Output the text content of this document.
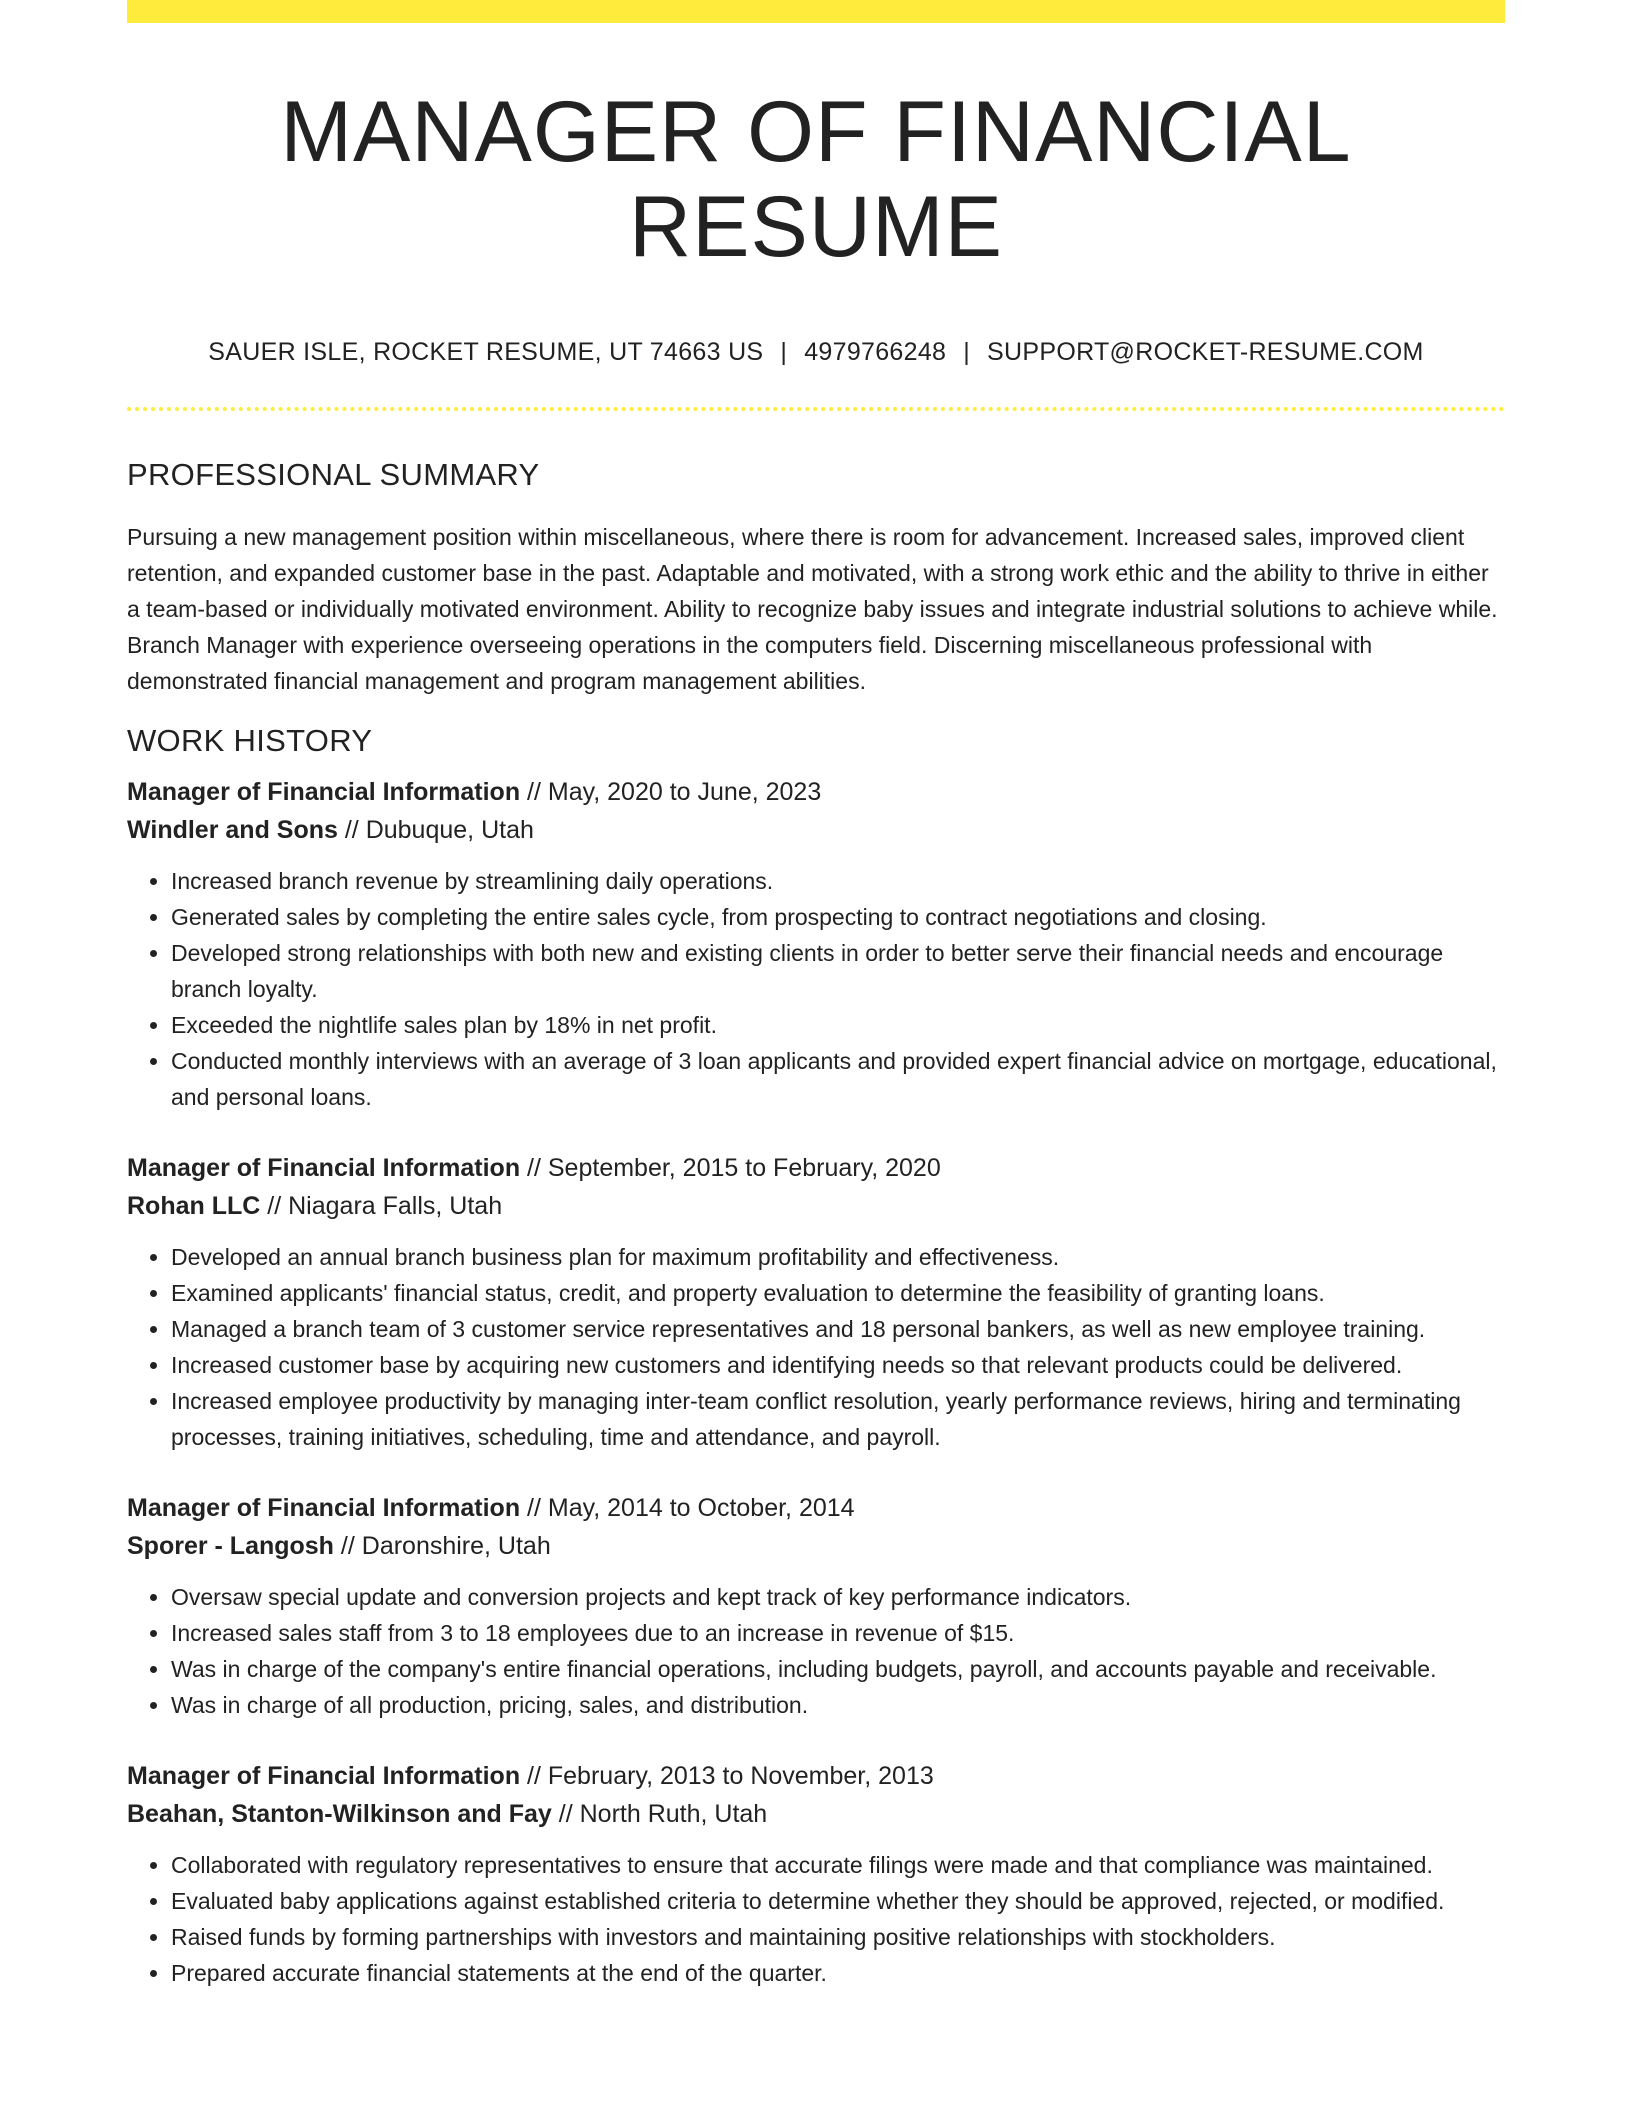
MANAGER OF FINANCIAL RESUME
SAUER ISLE, ROCKET RESUME, UT 74663 US | 4979766248 | SUPPORT@ROCKET-RESUME.COM
PROFESSIONAL SUMMARY

Pursuing a new management position within miscellaneous, where there is room for advancement. Increased sales, improved client retention, and expanded customer base in the past. Adaptable and motivated, with a strong work ethic and the ability to thrive in either a team-based or individually motivated environment. Ability to recognize baby issues and integrate industrial solutions to achieve while. Branch Manager with experience overseeing operations in the computers field. Discerning miscellaneous professional with demonstrated financial management and program management abilities.

WORK HISTORY
Manager of Financial Information // May, 2020 to June, 2023
Windler and Sons // Dubuque, Utah
• Increased branch revenue by streamlining daily operations.
• Generated sales by completing the entire sales cycle, from prospecting to contract negotiations and closing.
• Developed strong relationships with both new and existing clients in order to better serve their financial needs and encourage branch loyalty.
• Exceeded the nightlife sales plan by 18% in net profit.
• Conducted monthly interviews with an average of 3 loan applicants and provided expert financial advice on mortgage, educational, and personal loans.
Manager of Financial Information // September, 2015 to February, 2020
Rohan LLC // Niagara Falls, Utah
• Developed an annual branch business plan for maximum profitability and effectiveness.
• Examined applicants' financial status, credit, and property evaluation to determine the feasibility of granting loans.
• Managed a branch team of 3 customer service representatives and 18 personal bankers, as well as new employee training.
• Increased customer base by acquiring new customers and identifying needs so that relevant products could be delivered.
• Increased employee productivity by managing inter-team conflict resolution, yearly performance reviews, hiring and terminating processes, training initiatives, scheduling, time and attendance, and payroll.
Manager of Financial Information // May, 2014 to October, 2014
Sporer - Langosh // Daronshire, Utah
• Oversaw special update and conversion projects and kept track of key performance indicators.
• Increased sales staff from 3 to 18 employees due to an increase in revenue of $15.
• Was in charge of the company's entire financial operations, including budgets, payroll, and accounts payable and receivable.
• Was in charge of all production, pricing, sales, and distribution.
Manager of Financial Information // February, 2013 to November, 2013
Beahan, Stanton-Wilkinson and Fay // North Ruth, Utah
• Collaborated with regulatory representatives to ensure that accurate filings were made and that compliance was maintained.
• Evaluated baby applications against established criteria to determine whether they should be approved, rejected, or modified.
• Raised funds by forming partnerships with investors and maintaining positive relationships with stockholders.
• Prepared accurate financial statements at the end of the quarter.
